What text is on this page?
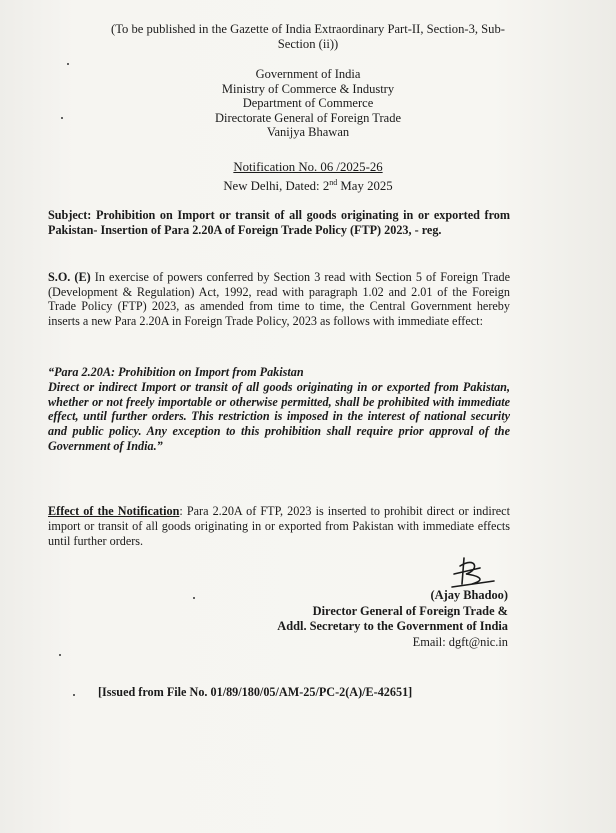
(To be published in the Gazette of India Extraordinary Part-II, Section-3, Sub-
Section (ii))
Government of India
Ministry of Commerce & Industry
Department of Commerce
Directorate General of Foreign Trade
Vanijya Bhawan
Notification No. 06 /2025-26
New Delhi, Dated: 2nd May 2025
Subject: Prohibition on Import or transit of all goods originating in or exported from Pakistan- Insertion of Para 2.20A of Foreign Trade Policy (FTP) 2023, - reg.
S.O. (E) In exercise of powers conferred by Section 3 read with Section 5 of Foreign Trade (Development & Regulation) Act, 1992, read with paragraph 1.02 and 2.01 of the Foreign Trade Policy (FTP) 2023, as amended from time to time, the Central Government hereby inserts a new Para 2.20A in Foreign Trade Policy, 2023 as follows with immediate effect:
“Para 2.20A: Prohibition on Import from Pakistan
Direct or indirect Import or transit of all goods originating in or exported from Pakistan, whether or not freely importable or otherwise permitted, shall be prohibited with immediate effect, until further orders. This restriction is imposed in the interest of national security and public policy. Any exception to this prohibition shall require prior approval of the Government of India.”
Effect of the Notification: Para 2.20A of FTP, 2023 is inserted to prohibit direct or indirect import or transit of all goods originating in or exported from Pakistan with immediate effects until further orders.
(Ajay Bhadoo)
Director General of Foreign Trade &
Addl. Secretary to the Government of India
Email: dgft@nic.in
[Issued from File No. 01/89/180/05/AM-25/PC-2(A)/E-42651]
